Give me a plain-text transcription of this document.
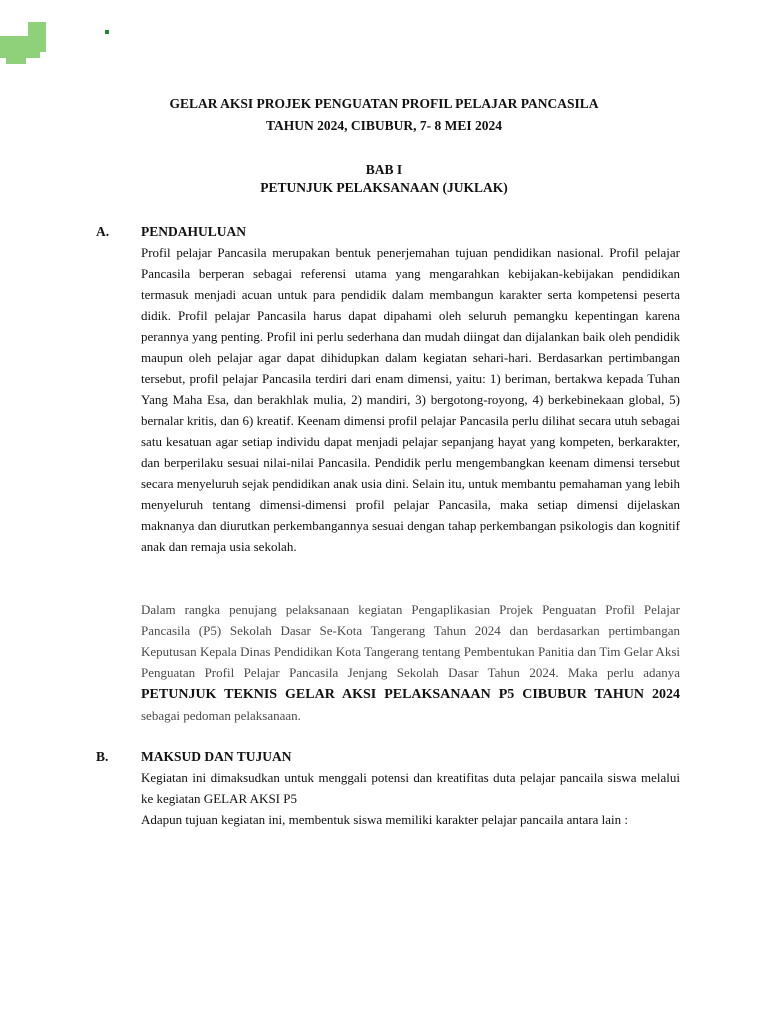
GELAR AKSI PROJEK PENGUATAN PROFIL PELAJAR PANCASILA
TAHUN 2024, CIBUBUR, 7- 8 MEI 2024
BAB I
PETUNJUK PELAKSANAAN (JUKLAK)
A. PENDAHULUAN
Profil pelajar Pancasila merupakan bentuk penerjemahan tujuan pendidikan nasional. Profil pelajar Pancasila berperan sebagai referensi utama yang mengarahkan kebijakan-kebijakan pendidikan termasuk menjadi acuan untuk para pendidik dalam membangun karakter serta kompetensi peserta didik. Profil pelajar Pancasila harus dapat dipahami oleh seluruh pemangku kepentingan karena perannya yang penting. Profil ini perlu sederhana dan mudah diingat dan dijalankan baik oleh pendidik maupun oleh pelajar agar dapat dihidupkan dalam kegiatan sehari-hari. Berdasarkan pertimbangan tersebut, profil pelajar Pancasila terdiri dari enam dimensi, yaitu: 1) beriman, bertakwa kepada Tuhan Yang Maha Esa, dan berakhlak mulia, 2) mandiri, 3) bergotong-royong, 4) berkebinekaan global, 5) bernalar kritis, dan 6) kreatif. Keenam dimensi profil pelajar Pancasila perlu dilihat secara utuh sebagai satu kesatuan agar setiap individu dapat menjadi pelajar sepanjang hayat yang kompeten, berkarakter, dan berperilaku sesuai nilai-nilai Pancasila. Pendidik perlu mengembangkan keenam dimensi tersebut secara menyeluruh sejak pendidikan anak usia dini. Selain itu, untuk membantu pemahaman yang lebih menyeluruh tentang dimensi-dimensi profil pelajar Pancasila, maka setiap dimensi dijelaskan maknanya dan diurutkan perkembangannya sesuai dengan tahap perkembangan psikologis dan kognitif anak dan remaja usia sekolah.
Dalam rangka penujang pelaksanaan kegiatan Pengaplikasian Projek Penguatan Profil Pelajar Pancasila (P5) Sekolah Dasar Se-Kota Tangerang Tahun 2024 dan berdasarkan pertimbangan Keputusan Kepala Dinas Pendidikan Kota Tangerang tentang Pembentukan Panitia dan Tim Gelar Aksi Penguatan Profil Pelajar Pancasila Jenjang Sekolah Dasar Tahun 2024. Maka perlu adanya PETUNJUK TEKNIS GELAR AKSI PELAKSANAAN P5 CIBUBUR TAHUN 2024 sebagai pedoman pelaksanaan.
B. MAKSUD DAN TUJUAN
Kegiatan ini dimaksudkan untuk menggali potensi dan kreatifitas duta pelajar pancaila siswa melalui ke kegiatan GELAR AKSI P5
Adapun tujuan kegiatan ini, membentuk siswa memiliki karakter pelajar pancaila antara lain :
